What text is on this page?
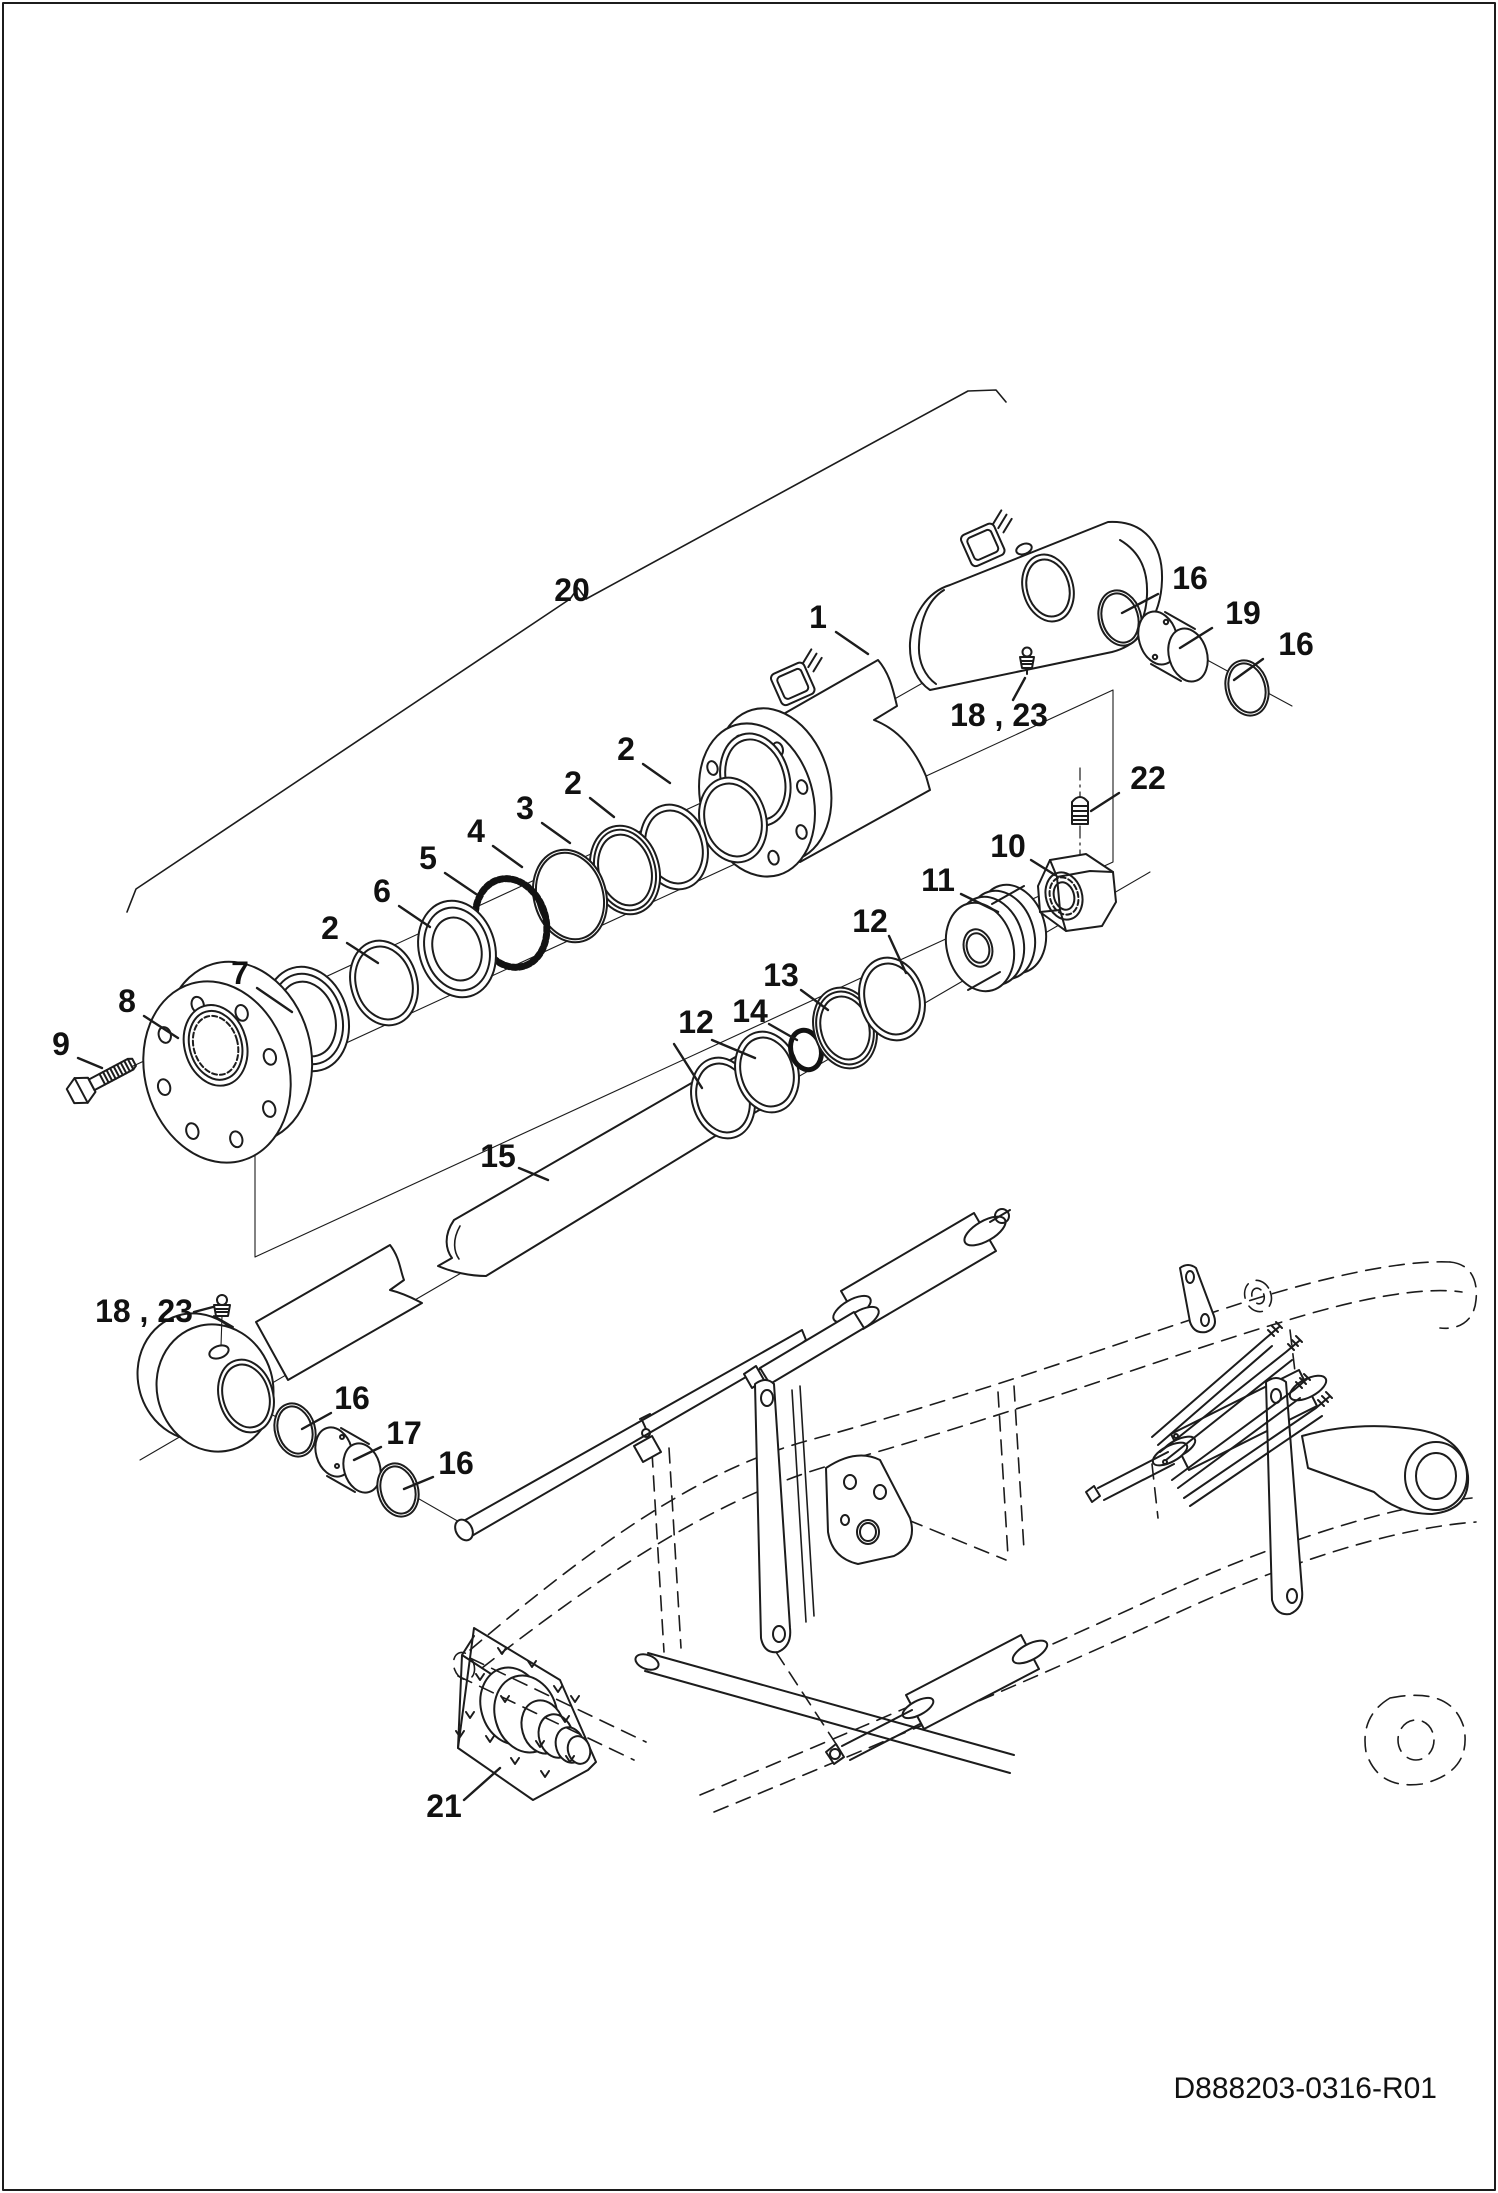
20
1
16
19
16
18 , 23
22
10
11
12
13
14
12
2
2
3
4
5
6
2
7
8
9
15
18 , 23
16
17
16
21
D888203-0316-R01
